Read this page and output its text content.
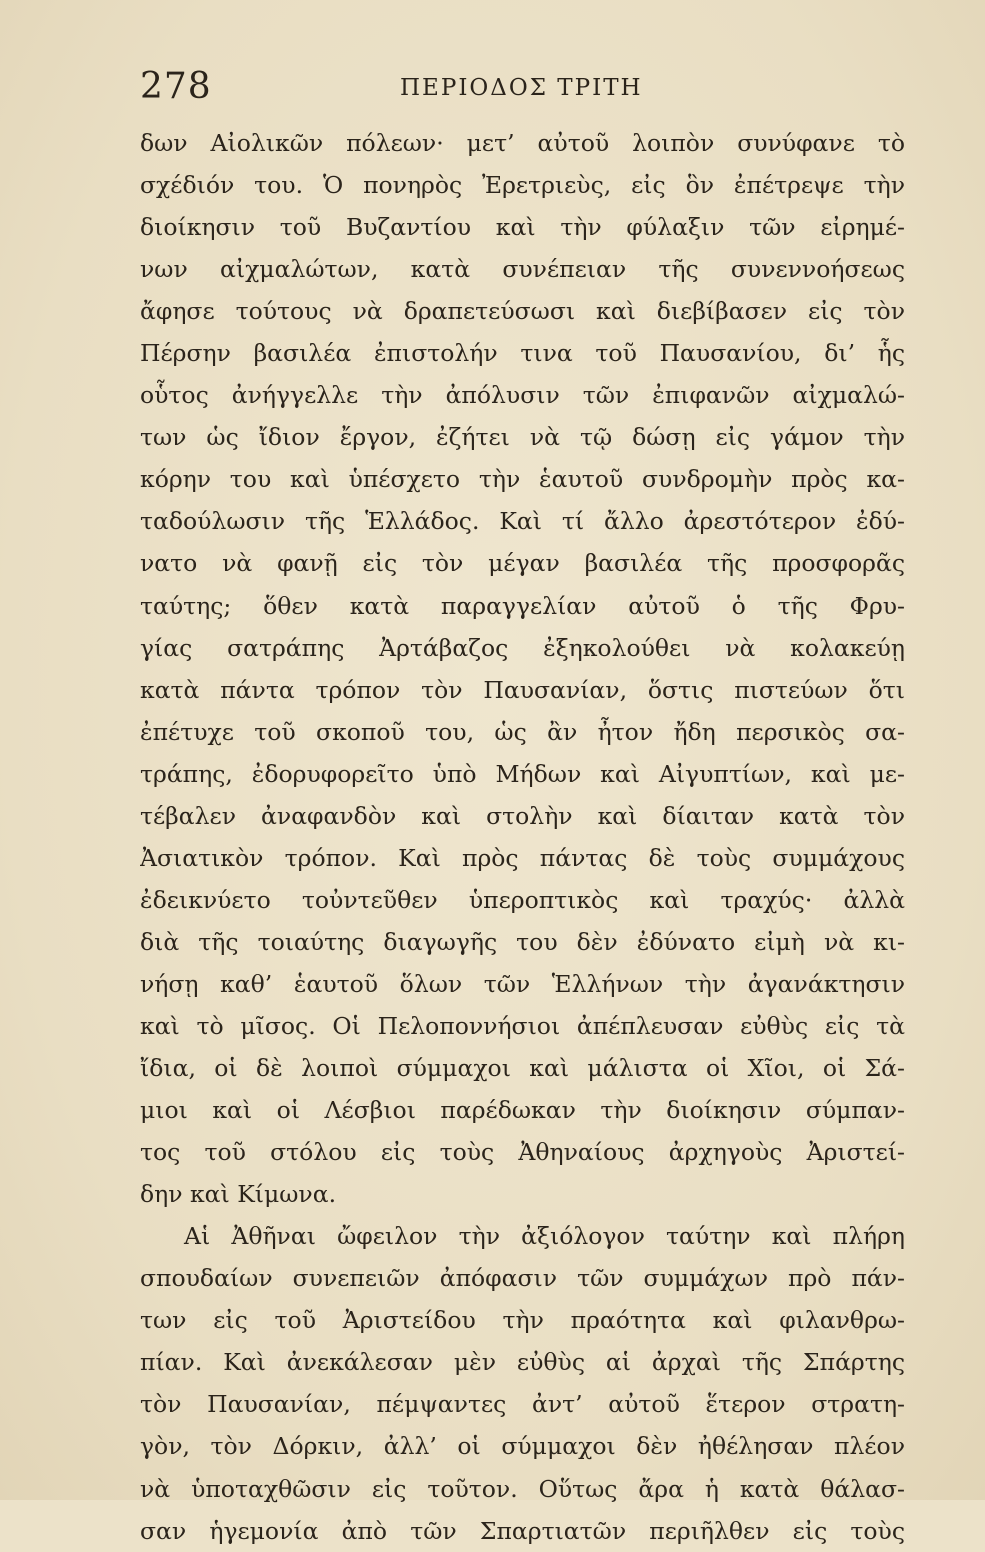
278	ΠΕΡΙΟΔΟΣ ΤΡΙΤΗ
δων Αἰολικῶν πόλεων· μετ’ αὐτοῦ λοιπὸν συνύφανε τὸ
σχέδιόν του. Ὁ πονηρὸς Ἐρετριεὺς, εἰς ὃν ἐπέτρεψε τὴν
διοίκησιν τοῦ Βυζαντίου καὶ τὴν φύλαξιν τῶν εἰρημέ-
νων αἰχμαλώτων, κατὰ συνέπειαν τῆς συνεννοήσεως
ἄφησε τούτους νὰ δραπετεύσωσι καὶ διεβίβασεν εἰς τὸν
Πέρσην βασιλέα ἐπιστολήν τινα τοῦ Παυσανίου, δι’ ἧς
οὗτος ἀνήγγελλε τὴν ἀπόλυσιν τῶν ἐπιφανῶν αἰχμαλώ-
των ὡς ἴδιον ἔργον, ἐζήτει νὰ τῷ δώσῃ εἰς γάμον τὴν
κόρην του καὶ ὑπέσχετο τὴν ἑαυτοῦ συνδρομὴν πρὸς κα-
ταδούλωσιν τῆς Ἑλλάδος. Καὶ τί ἄλλο ἀρεστότερον ἐδύ-
νατο νὰ φανῇ εἰς τὸν μέγαν βασιλέα τῆς προσφορᾶς
ταύτης; ὅθεν κατὰ παραγγελίαν αὐτοῦ ὁ τῆς Φρυ-
γίας σατράπης Ἀρτάβαζος ἐξηκολούθει νὰ κολακεύῃ
κατὰ πάντα τρόπον τὸν Παυσανίαν, ὅστις πιστεύων ὅτι
ἐπέτυχε τοῦ σκοποῦ του, ὡς ἂν ἦτον ἤδη περσικὸς σα-
τράπης, ἐδορυφορεῖτο ὑπὸ Μήδων καὶ Αἰγυπτίων, καὶ με-
τέβαλεν ἀναφανδὸν καὶ στολὴν καὶ δίαιταν κατὰ τὸν
Ἀσιατικὸν τρόπον. Καὶ πρὸς πάντας δὲ τοὺς συμμάχους
ἐδεικνύετο τοὐντεῦθεν ὑπεροπτικὸς καὶ τραχύς· ἀλλὰ
διὰ τῆς τοιαύτης διαγωγῆς του δὲν ἐδύνατο εἰμὴ νὰ κι-
νήσῃ καθ’ ἑαυτοῦ ὅλων τῶν Ἑλλήνων τὴν ἀγανάκτησιν
καὶ τὸ μῖσος. Οἱ Πελοποννήσιοι ἀπέπλευσαν εὐθὺς εἰς τὰ
ἴδια, οἱ δὲ λοιποὶ σύμμαχοι καὶ μάλιστα οἱ Χῖοι, οἱ Σά-
μιοι καὶ οἱ Λέσβιοι παρέδωκαν τὴν διοίκησιν σύμπαν-
τος τοῦ στόλου εἰς τοὺς Ἀθηναίους ἀρχηγοὺς Ἀριστεί-
δην καὶ Κίμωνα.
Αἱ Ἀθῆναι ὤφειλον τὴν ἀξιόλογον ταύτην καὶ πλήρη
σπουδαίων συνεπειῶν ἀπόφασιν τῶν συμμάχων πρὸ πάν-
των εἰς τοῦ Ἀριστείδου τὴν πραότητα καὶ φιλανθρω-
πίαν. Καὶ ἀνεκάλεσαν μὲν εὐθὺς αἱ ἀρχαὶ τῆς Σπάρτης
τὸν Παυσανίαν, πέμψαντες ἀντ’ αὐτοῦ ἕτερον στρατη-
γὸν, τὸν Δόρκιν, ἀλλ’ οἱ σύμμαχοι δὲν ἠθέλησαν πλέον
νὰ ὑποταχθῶσιν εἰς τοῦτον. Οὕτως ἄρα ἡ κατὰ θάλασ-
σαν ἡγεμονία ἀπὸ τῶν Σπαρτιατῶν περιῆλθεν εἰς τοὺς
